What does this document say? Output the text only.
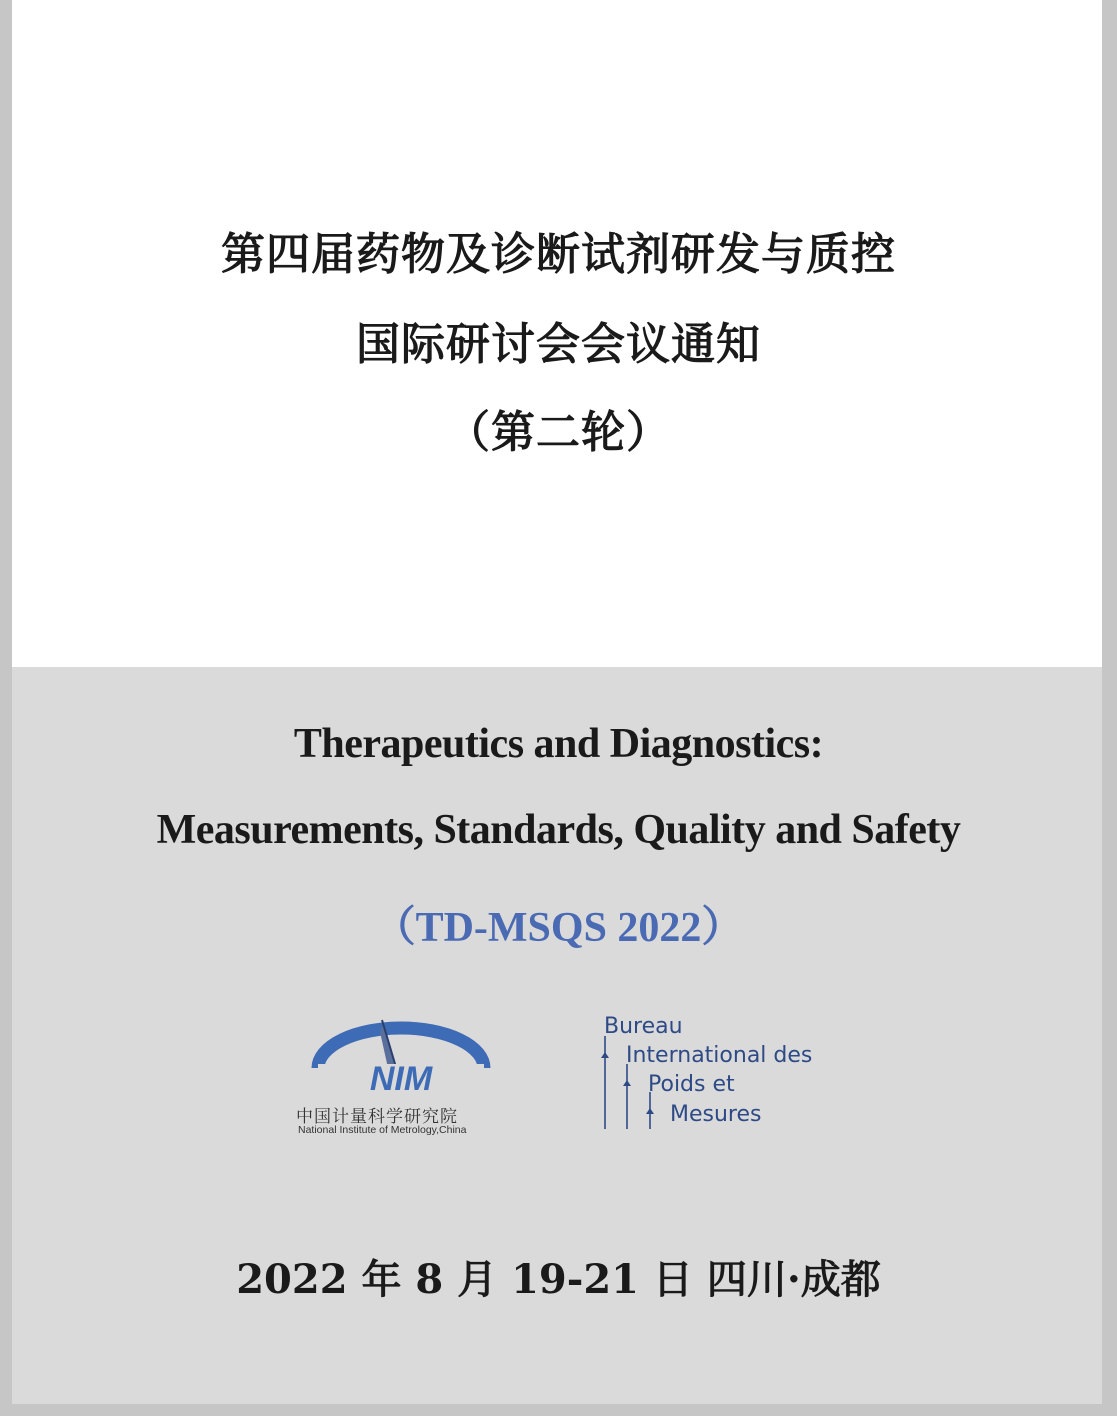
第四届药物及诊断试剂研发与质控
国际研讨会会议通知
（第二轮）
Therapeutics and Diagnostics:
Measurements, Standards, Quality and Safety
（TD-MSQS 2022）
NIM
中国计量科学研究院
National Institute of Metrology,China
Bureau
International des
Poids et
Mesures
2022 年 8 月 19-21 日 四川·成都
